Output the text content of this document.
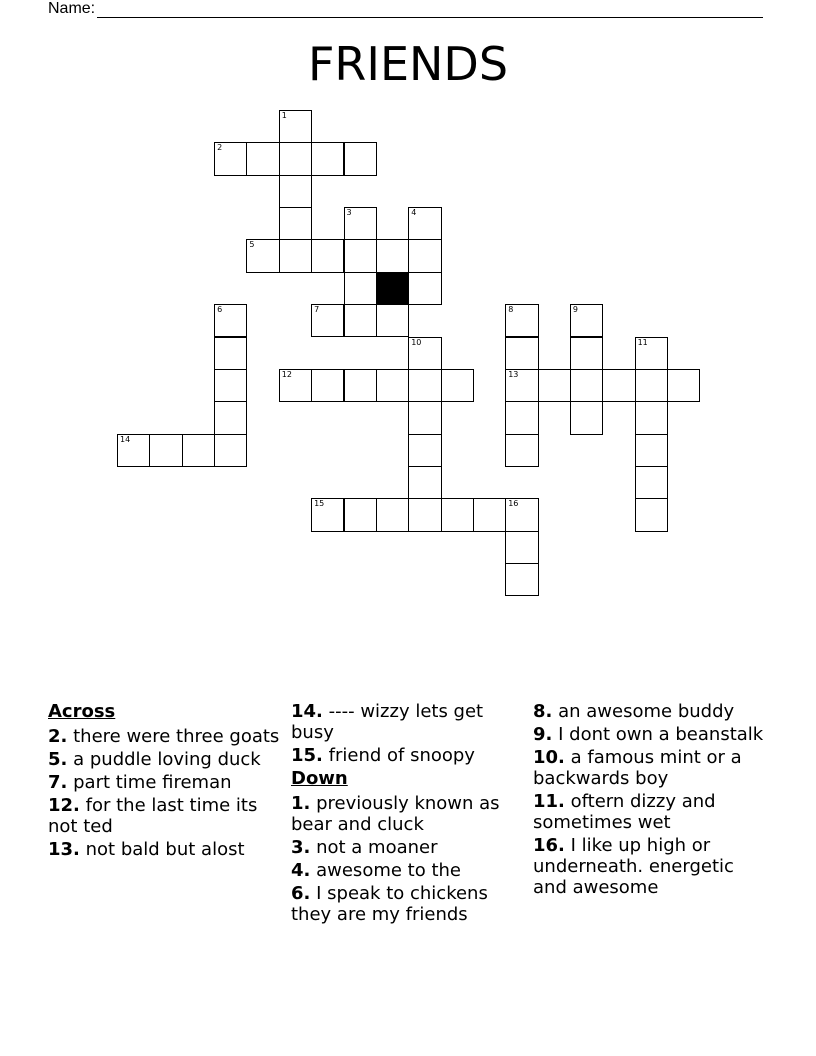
Name:
FRIENDS
1
2
3	4
5
6	7	8	9
10	11
12	13
14
15	16
Across
2. there were three goats
5. a puddle loving duck
7. part time fireman
12. for the last time its not ted
13. not bald but alost
14. ---- wizzy lets get busy
15. friend of snoopy
Down
1. previously known as bear and cluck
3. not a moaner
4. awesome to the
6. I speak to chickens they are my friends
8. an awesome buddy
9. I dont own a beanstalk
10. a famous mint or a backwards boy
11. oftern dizzy and sometimes wet
16. I like up high or underneath. energetic and awesome
